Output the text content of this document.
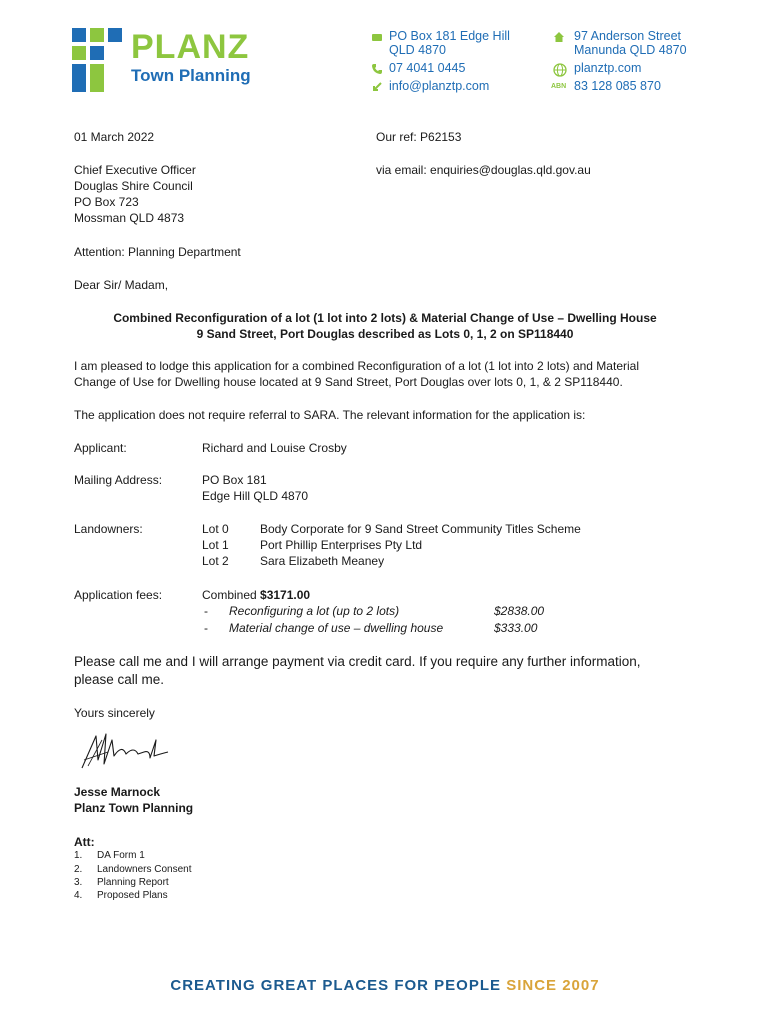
PLANZ
Town Planning
PO Box 181 Edge Hill
QLD 4870
07 4041 0445
info@planztp.com
97 Anderson Street
Manunda QLD 4870
planztp.com
ABN 83 128 085 870
01 March 2022	Our ref: P62153
Chief Executive Officer
Douglas Shire Council
PO Box 723
Mossman QLD 4873
via email: enquiries@douglas.qld.gov.au
Attention: Planning Department
Dear Sir/ Madam,
Combined Reconfiguration of a lot (1 lot into 2 lots) & Material Change of Use – Dwelling House
9 Sand Street, Port Douglas described as Lots 0, 1, 2 on SP118440
I am pleased to lodge this application for a combined Reconfiguration of a lot (1 lot into 2 lots) and Material
Change of Use for Dwelling house located at 9 Sand Street, Port Douglas over lots 0, 1, & 2 SP118440.
The application does not require referral to SARA. The relevant information for the application is:
Applicant:	Richard and Louise Crosby
Mailing Address:	PO Box 181
Edge Hill QLD 4870
Landowners:	Lot 0	Body Corporate for 9 Sand Street Community Titles Scheme
Lot 1	Port Phillip Enterprises Pty Ltd
Lot 2	Sara Elizabeth Meaney
Application fees:	Combined $3171.00
- Reconfiguring a lot (up to 2 lots)	$2838.00
- Material change of use – dwelling house	$333.00
Please call me and I will arrange payment via credit card. If you require any further information,
please call me.
Yours sincerely
Jesse Marnock
Planz Town Planning
Att:
1. DA Form 1
2. Landowners Consent
3. Planning Report
4. Proposed Plans
CREATING GREAT PLACES FOR PEOPLE SINCE 2007
